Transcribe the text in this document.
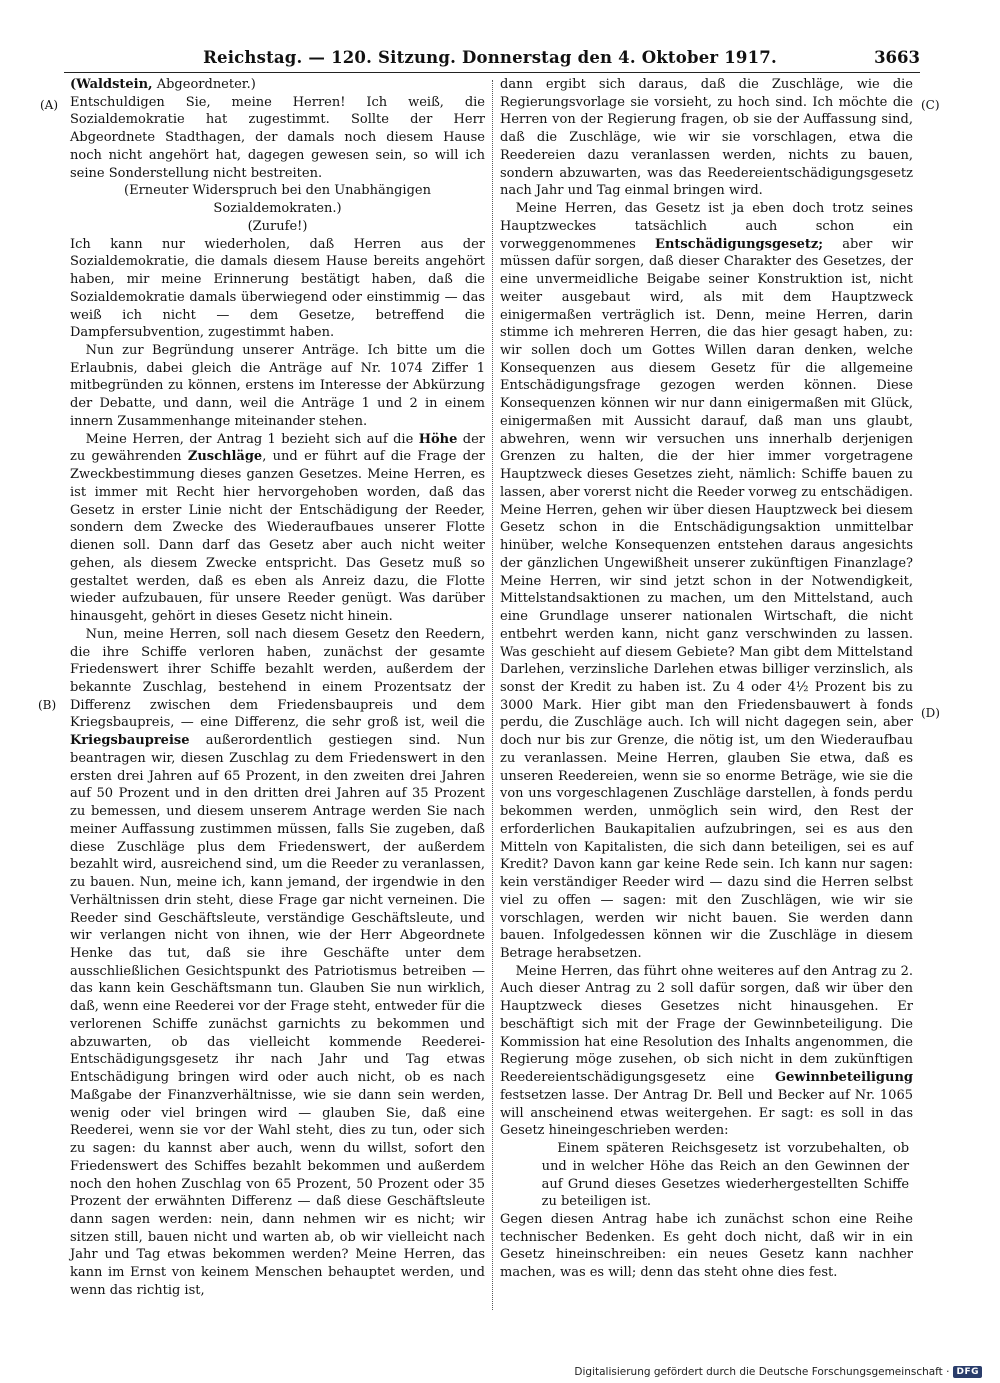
Reichstag. — 120. Sitzung. Donnerstag den 4. Oktober 1917.	3663
(A)
(B)
(C)
(D)

(Waldstein, Abgeordneter.)

Entschuldigen Sie, meine Herren! Ich weiß, die Sozialdemokratie hat zugestimmt. Sollte der Herr Abgeordnete Stadthagen, der damals noch diesem Hause noch nicht angehört hat, dagegen gewesen sein, so will ich seine Sonderstellung nicht bestreiten.

(Erneuter Widerspruch bei den Unabhängigen Sozialdemokraten.)

(Zurufe!)

Ich kann nur wiederholen, daß Herren aus der Sozialdemokratie, die damals diesem Hause bereits angehört haben, mir meine Erinnerung bestätigt haben, daß die Sozialdemokratie damals überwiegend oder einstimmig — das weiß ich nicht — dem Gesetze, betreffend die Dampfersubvention, zugestimmt haben.

Nun zur Begründung unserer Anträge. Ich bitte um die Erlaubnis, dabei gleich die Anträge auf Nr. 1074 Ziffer 1 mitbegründen zu können, erstens im Interesse der Abkürzung der Debatte, und dann, weil die Anträge 1 und 2 in einem innern Zusammenhange miteinander stehen.

Meine Herren, der Antrag 1 bezieht sich auf die Höhe der zu gewährenden Zuschläge, und er führt auf die Frage der Zweckbestimmung dieses ganzen Gesetzes. Meine Herren, es ist immer mit Recht hier hervorgehoben worden, daß das Gesetz in erster Linie nicht der Entschädigung der Reeder, sondern dem Zwecke des Wiederaufbaues unserer Flotte dienen soll. Dann darf das Gesetz aber auch nicht weiter gehen, als diesem Zwecke entspricht. Das Gesetz muß so gestaltet werden, daß es eben als Anreiz dazu, die Flotte wieder aufzubauen, für unsere Reeder genügt. Was darüber hinausgeht, gehört in dieses Gesetz nicht hinein.

Nun, meine Herren, soll nach diesem Gesetz den Reedern, die ihre Schiffe verloren haben, zunächst der gesamte Friedenswert ihrer Schiffe bezahlt werden, außerdem der bekannte Zuschlag, bestehend in einem Prozentsatz der Differenz zwischen dem Friedensbaupreis und dem Kriegsbaupreis, — eine Differenz, die sehr groß ist, weil die Kriegsbaupreise außerordentlich gestiegen sind. Nun beantragen wir, diesen Zuschlag zu dem Friedenswert in den ersten drei Jahren auf 65 Prozent, in den zweiten drei Jahren auf 50 Prozent und in den dritten drei Jahren auf 35 Prozent zu bemessen, und diesem unserem Antrage werden Sie nach meiner Auffassung zustimmen müssen, falls Sie zugeben, daß diese Zuschläge plus dem Friedenswert, der außerdem bezahlt wird, ausreichend sind, um die Reeder zu veranlassen, zu bauen. Nun, meine ich, kann jemand, der irgendwie in den Verhältnissen drin steht, diese Frage gar nicht verneinen. Die Reeder sind Geschäftsleute, verständige Geschäftsleute, und wir verlangen nicht von ihnen, wie der Herr Abgeordnete Henke das tut, daß sie ihre Geschäfte unter dem ausschließlichen Gesichtspunkt des Patriotismus betreiben — das kann kein Geschäftsmann tun. Glauben Sie nun wirklich, daß, wenn eine Reederei vor der Frage steht, entweder für die verlorenen Schiffe zunächst garnichts zu bekommen und abzuwarten, ob das vielleicht kommende Reederei-Entschädigungsgesetz ihr nach Jahr und Tag etwas Entschädigung bringen wird oder auch nicht, ob es nach Maßgabe der Finanzverhältnisse, wie sie dann sein werden, wenig oder viel bringen wird — glauben Sie, daß eine Reederei, wenn sie vor der Wahl steht, dies zu tun, oder sich zu sagen: du kannst aber auch, wenn du willst, sofort den Friedenswert des Schiffes bezahlt bekommen und außerdem noch den hohen Zuschlag von 65 Prozent, 50 Prozent oder 35 Prozent der erwähnten Differenz — daß diese Geschäftsleute dann sagen werden: nein, dann nehmen wir es nicht; wir sitzen still, bauen nicht und warten ab, ob wir vielleicht nach Jahr und Tag etwas bekommen werden? Meine Herren, das kann im Ernst von keinem Menschen behauptet werden, und wenn das richtig ist,

dann ergibt sich daraus, daß die Zuschläge, wie die Regierungsvorlage sie vorsieht, zu hoch sind. Ich möchte die Herren von der Regierung fragen, ob sie der Auffassung sind, daß die Zuschläge, wie wir sie vorschlagen, etwa die Reedereien dazu veranlassen werden, nichts zu bauen, sondern abzuwarten, was das Reedereientschädigungsgesetz nach Jahr und Tag einmal bringen wird.

Meine Herren, das Gesetz ist ja eben doch trotz seines Hauptzweckes tatsächlich auch schon ein vorweggenommenes Entschädigungsgesetz; aber wir müssen dafür sorgen, daß dieser Charakter des Gesetzes, der eine unvermeidliche Beigabe seiner Konstruktion ist, nicht weiter ausgebaut wird, als mit dem Hauptzweck einigermaßen verträglich ist. Denn, meine Herren, darin stimme ich mehreren Herren, die das hier gesagt haben, zu: wir sollen doch um Gottes Willen daran denken, welche Konsequenzen aus diesem Gesetz für die allgemeine Entschädigungsfrage gezogen werden können. Diese Konsequenzen können wir nur dann einigermaßen mit Glück, einigermaßen mit Aussicht darauf, daß man uns glaubt, abwehren, wenn wir versuchen uns innerhalb derjenigen Grenzen zu halten, die der hier immer vorgetragene Hauptzweck dieses Gesetzes zieht, nämlich: Schiffe bauen zu lassen, aber vorerst nicht die Reeder vorweg zu entschädigen. Meine Herren, gehen wir über diesen Hauptzweck bei diesem Gesetz schon in die Entschädigungsaktion unmittelbar hinüber, welche Konsequenzen entstehen daraus angesichts der gänzlichen Ungewißheit unserer zukünftigen Finanzlage? Meine Herren, wir sind jetzt schon in der Notwendigkeit, Mittelstandsaktionen zu machen, um den Mittelstand, auch eine Grundlage unserer nationalen Wirtschaft, die nicht entbehrt werden kann, nicht ganz verschwinden zu lassen. Was geschieht auf diesem Gebiete? Man gibt dem Mittelstand Darlehen, verzinsliche Darlehen etwas billiger verzinslich, als sonst der Kredit zu haben ist. Zu 4 oder 4½ Prozent bis zu 3000 Mark. Hier gibt man den Friedensbauwert à fonds perdu, die Zuschläge auch. Ich will nicht dagegen sein, aber doch nur bis zur Grenze, die nötig ist, um den Wiederaufbau zu veranlassen. Meine Herren, glauben Sie etwa, daß es unseren Reedereien, wenn sie so enorme Beträge, wie sie die von uns vorgeschlagenen Zuschläge darstellen, à fonds perdu bekommen werden, unmöglich sein wird, den Rest der erforderlichen Baukapitalien aufzubringen, sei es aus den Mitteln von Kapitalisten, die sich dann beteiligen, sei es auf Kredit? Davon kann gar keine Rede sein. Ich kann nur sagen: kein verständiger Reeder wird — dazu sind die Herren selbst viel zu offen — sagen: mit den Zuschlägen, wie wir sie vorschlagen, werden wir nicht bauen. Sie werden dann bauen. Infolgedessen können wir die Zuschläge in diesem Betrage herabsetzen.

Meine Herren, das führt ohne weiteres auf den Antrag zu 2. Auch dieser Antrag zu 2 soll dafür sorgen, daß wir über den Hauptzweck dieses Gesetzes nicht hinausgehen. Er beschäftigt sich mit der Frage der Gewinnbeteiligung. Die Kommission hat eine Resolution des Inhalts angenommen, die Regierung möge zusehen, ob sich nicht in dem zukünftigen Reedereientschädigungsgesetz eine Gewinnbeteiligung festsetzen lasse. Der Antrag Dr. Bell und Becker auf Nr. 1065 will anscheinend etwas weitergehen. Er sagt: es soll in das Gesetz hineingeschrieben werden:

Einem späteren Reichsgesetz ist vorzubehalten, ob und in welcher Höhe das Reich an den Gewinnen der auf Grund dieses Gesetzes wiederhergestellten Schiffe zu beteiligen ist.

Gegen diesen Antrag habe ich zunächst schon eine Reihe technischer Bedenken. Es geht doch nicht, daß wir in ein Gesetz hineinschreiben: ein neues Gesetz kann nachher machen, was es will; denn das steht ohne dies fest.

Digitalisierung gefördert durch die Deutsche Forschungsgemeinschaft · DFG
